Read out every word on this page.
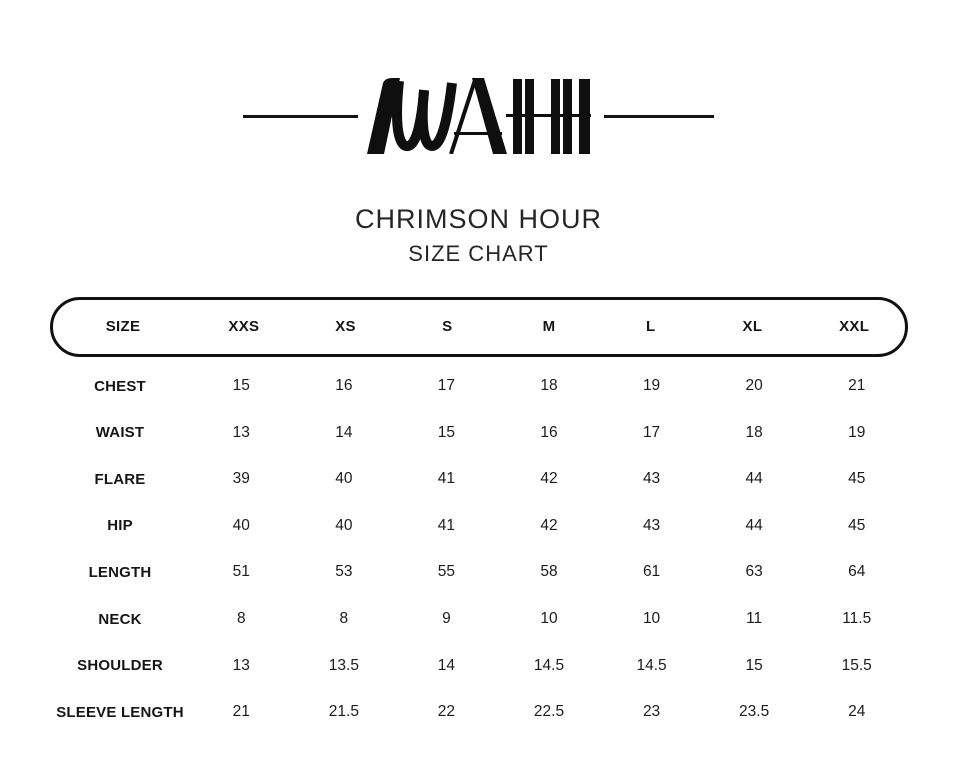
CHRIMSON HOUR
SIZE CHART
SIZE	XXS	XS	S	M	L	XL	XXL
CHEST	15	16	17	18	19	20	21
WAIST	13	14	15	16	17	18	19
FLARE	39	40	41	42	43	44	45
HIP	40	40	41	42	43	44	45
LENGTH	51	53	55	58	61	63	64
NECK	8	8	9	10	10	11	11.5
SHOULDER	13	13.5	14	14.5	14.5	15	15.5
SLEEVE LENGTH	21	21.5	22	22.5	23	23.5	24
